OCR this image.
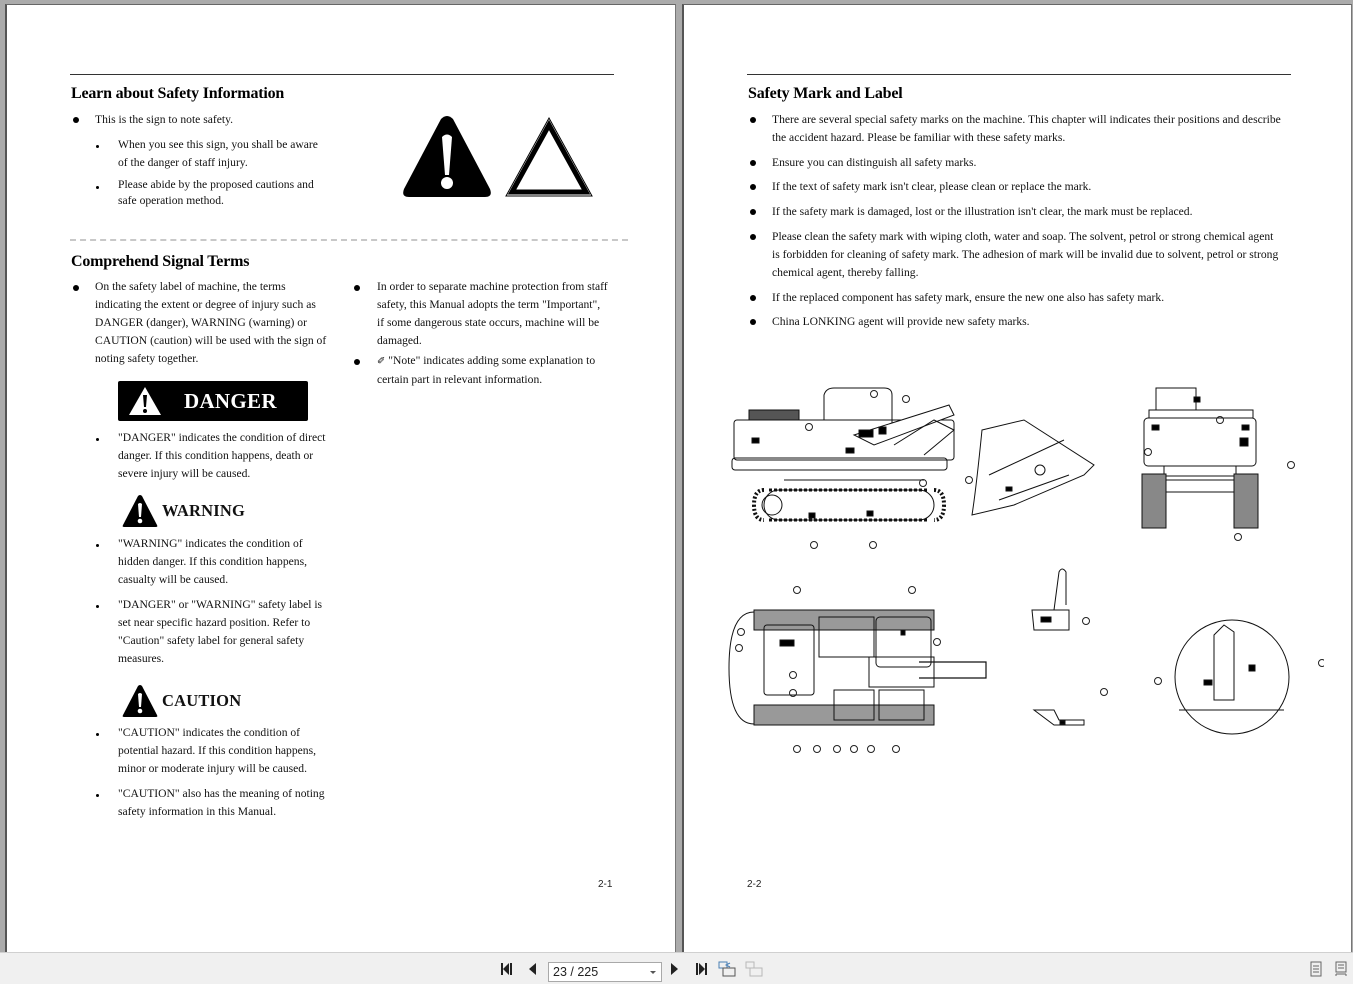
Learn about Safety Information
This is the sign to note safety.
When you see this sign, you shall be aware
of the danger of staff injury.
Please abide by the proposed cautions and
safe operation method.
Comprehend Signal Terms
On the safety label of machine, the terms
indicating the extent or degree of injury such as
DANGER (danger), WARNING (warning) or
CAUTION (caution) will be used with the sign of
noting safety together.
DANGER
"DANGER" indicates the condition of direct
danger. If this condition happens, death or
severe injury will be caused.
WARNING
"WARNING" indicates the condition of
hidden danger. If this condition happens,
casualty will be caused.
"DANGER" or "WARNING" safety label is
set near specific hazard position. Refer to
"Caution" safety label for general safety
measures.
CAUTION
"CAUTION" indicates the condition of
potential hazard. If this condition happens,
minor or moderate injury will be caused.
"CAUTION" also has the meaning of noting
safety information in this Manual.
In order to separate machine protection from staff
safety, this Manual adopts the term "Important",
if some dangerous state occurs, machine will be
damaged.
✐ "Note" indicates adding some explanation to
certain part in relevant information.
2-1
Safety Mark and Label
There are several special safety marks on the machine. This chapter will indicates their positions and describe
the accident hazard. Please be familiar with these safety marks.
Ensure you can distinguish all safety marks.
If the text of safety mark isn't clear, please clean or replace the mark.
If the safety mark is damaged, lost or the illustration isn't clear, the mark must be replaced.
Please clean the safety mark with wiping cloth, water and soap. The solvent, petrol or strong chemical agent
is forbidden for cleaning of safety mark. The adhesion of mark will be invalid due to solvent, petrol or strong
chemical agent, thereby falling.
If the replaced component has safety mark, ensure the new one also has safety mark.
China LONKING agent will provide new safety marks.
2-2
23 / 225
